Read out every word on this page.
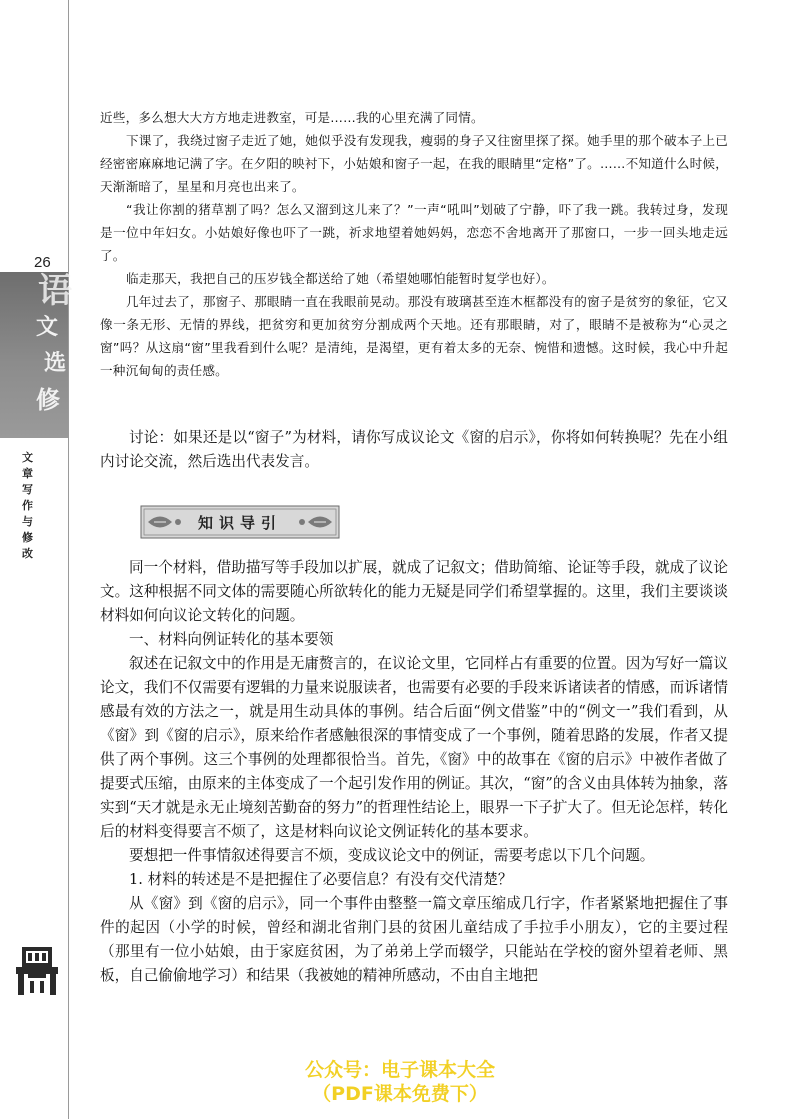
26
语
文
选
修
文章写作与修改

近些，多么想大大方方地走进教室，可是……我的心里充满了同情。

下课了，我绕过窗子走近了她，她似乎没有发现我，瘦弱的身子又往窗里探了探。她手里的那个破本子上已经密密麻麻地记满了字。在夕阳的映衬下，小姑娘和窗子一起，在我的眼睛里“定格”了。……不知道什么时候，天渐渐暗了，星星和月亮也出来了。

“我让你割的猪草割了吗？怎么又溜到这儿来了？”一声“吼叫”划破了宁静，吓了我一跳。我转过身，发现是一位中年妇女。小姑娘好像也吓了一跳，祈求地望着她妈妈，恋恋不舍地离开了那窗口，一步一回头地走远了。

临走那天，我把自己的压岁钱全都送给了她（希望她哪怕能暂时复学也好）。

几年过去了，那窗子、那眼睛一直在我眼前晃动。那没有玻璃甚至连木框都没有的窗子是贫穷的象征，它又像一条无形、无情的界线，把贫穷和更加贫穷分割成两个天地。还有那眼睛，对了，眼睛不是被称为“心灵之窗”吗？从这扇“窗”里我看到什么呢？是清纯，是渴望，更有着太多的无奈、惋惜和遗憾。这时候，我心中升起一种沉甸甸的责任感。

讨论：如果还是以“窗子”为材料，请你写成议论文《窗的启示》，你将如何转换呢？先在小组内讨论交流，然后选出代表发言。

知识导引

同一个材料，借助描写等手段加以扩展，就成了记叙文；借助简缩、论证等手段，就成了议论文。这种根据不同文体的需要随心所欲转化的能力无疑是同学们希望掌握的。这里，我们主要谈谈材料如何向议论文转化的问题。

一、材料向例证转化的基本要领

叙述在记叙文中的作用是无庸赘言的，在议论文里，它同样占有重要的位置。因为写好一篇议论文，我们不仅需要有逻辑的力量来说服读者，也需要有必要的手段来诉诸读者的情感，而诉诸情感最有效的方法之一，就是用生动具体的事例。结合后面“例文借鉴”中的“例文一”我们看到，从《窗》到《窗的启示》，原来给作者感触很深的事情变成了一个事例，随着思路的发展，作者又提供了两个事例。这三个事例的处理都很恰当。首先，《窗》中的故事在《窗的启示》中被作者做了提要式压缩，由原来的主体变成了一个起引发作用的例证。其次，“窗”的含义由具体转为抽象，落实到“天才就是永无止境刻苦勤奋的努力”的哲理性结论上，眼界一下子扩大了。但无论怎样，转化后的材料变得要言不烦了，这是材料向议论文例证转化的基本要求。

要想把一件事情叙述得要言不烦，变成议论文中的例证，需要考虑以下几个问题。

1. 材料的转述是不是把握住了必要信息？有没有交代清楚？

从《窗》到《窗的启示》，同一个事件由整整一篇文章压缩成几行字，作者紧紧地把握住了事件的起因（小学的时候，曾经和湖北省荆门县的贫困儿童结成了手拉手小朋友），它的主要过程（那里有一位小姑娘，由于家庭贫困，为了弟弟上学而辍学，只能站在学校的窗外望着老师、黑板，自己偷偷地学习）和结果（我被她的精神所感动，不由自主地把

公众号：电子课本大全
（PDF课本免费下）
